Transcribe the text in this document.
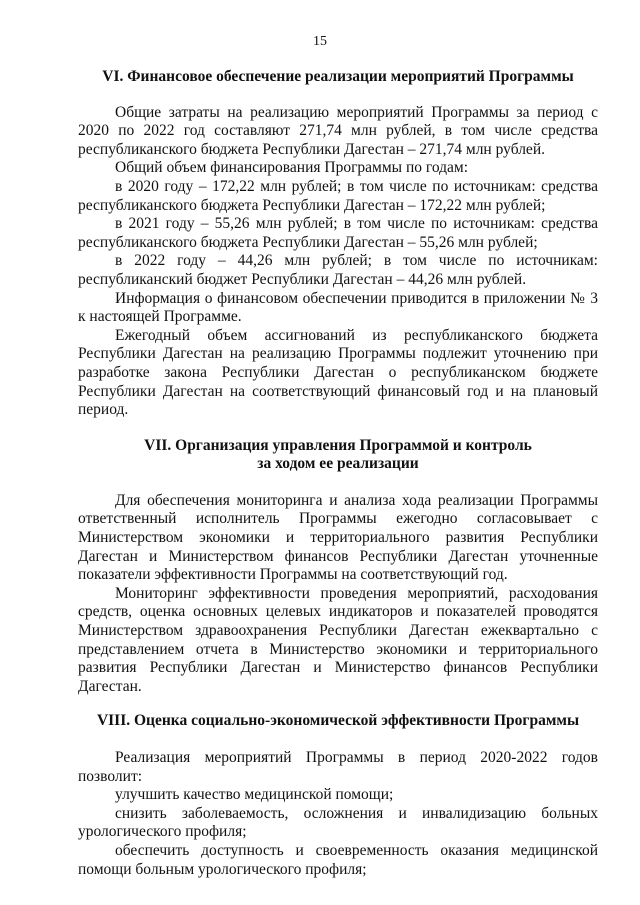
15
VI. Финансовое обеспечение реализации мероприятий Программы

Общие затраты на реализацию мероприятий Программы за период с 2020 по 2022 год составляют 271,74 млн рублей, в том числе средства республиканского бюджета Республики Дагестан – 271,74 млн рублей.

Общий объем финансирования Программы по годам:

в 2020 году – 172,22 млн рублей; в том числе по источникам: средства республиканского бюджета Республики Дагестан – 172,22 млн рублей;

в 2021 году – 55,26 млн рублей; в том числе по источникам: средства республиканского бюджета Республики Дагестан – 55,26 млн рублей;

в 2022 году – 44,26 млн рублей; в том числе по источникам: республиканский бюджет Республики Дагестан – 44,26 млн рублей.

Информация о финансовом обеспечении приводится в приложении № 3 к настоящей Программе.

Ежегодный объем ассигнований из республиканского бюджета Республики Дагестан на реализацию Программы подлежит уточнению при разработке закона Республики Дагестан о республиканском бюджете Республики Дагестан на соответствующий финансовый год и на плановый период.

VII. Организация управления Программой и контроль
за ходом ее реализации

Для обеспечения мониторинга и анализа хода реализации Программы ответственный исполнитель Программы ежегодно согласовывает с Министерством экономики и территориального развития Республики Дагестан и Министерством финансов Республики Дагестан уточненные показатели эффективности Программы на соответствующий год.

Мониторинг эффективности проведения мероприятий, расходования средств, оценка основных целевых индикаторов и показателей проводятся Министерством здравоохранения Республики Дагестан ежеквартально с представлением отчета в Министерство экономики и территориального развития Республики Дагестан и Министерство финансов Республики Дагестан.

VIII. Оценка социально-экономической эффективности Программы

Реализация мероприятий Программы в период 2020-2022 годов позволит:

улучшить качество медицинской помощи;

снизить заболеваемость, осложнения и инвалидизацию больных урологического профиля;

обеспечить доступность и своевременность оказания медицинской помощи больным урологического профиля;
